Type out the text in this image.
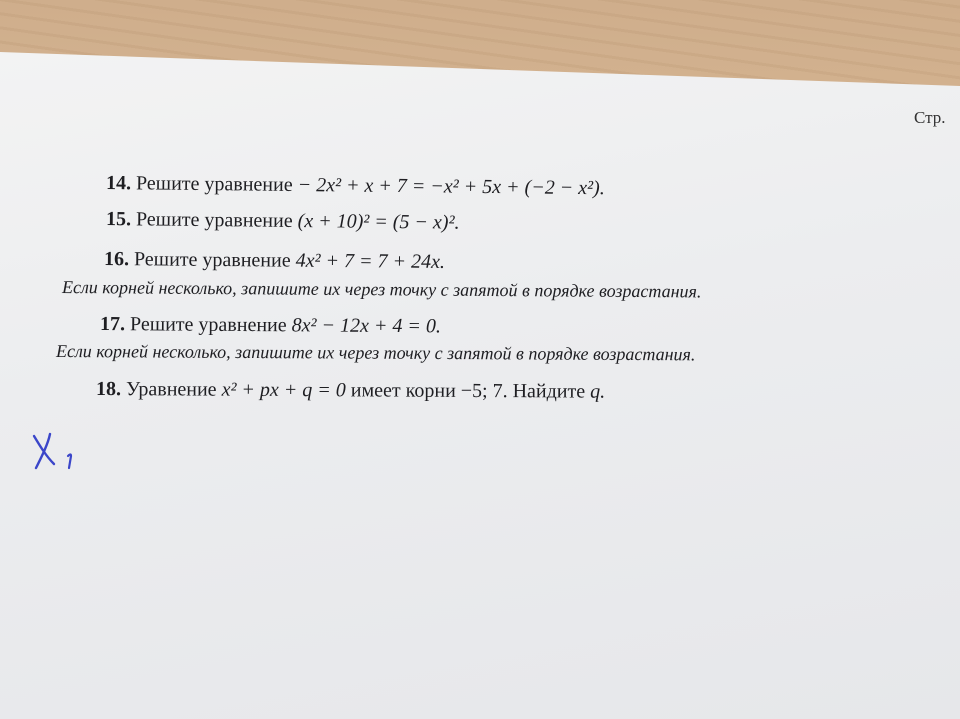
Стр.
14. Решите уравнение − 2x² + x + 7 = −x² + 5x + (−2 − x²).
15. Решите уравнение (x + 10)² = (5 − x)².
16. Решите уравнение 4x² + 7 = 7 + 24x.
Если корней несколько, запишите их через точку с запятой в порядке возрастания.
17. Решите уравнение 8x² − 12x + 4 = 0.
Если корней несколько, запишите их через точку с запятой в порядке возрастания.
18. Уравнение x² + px + q = 0 имеет корни −5; 7. Найдите q.
